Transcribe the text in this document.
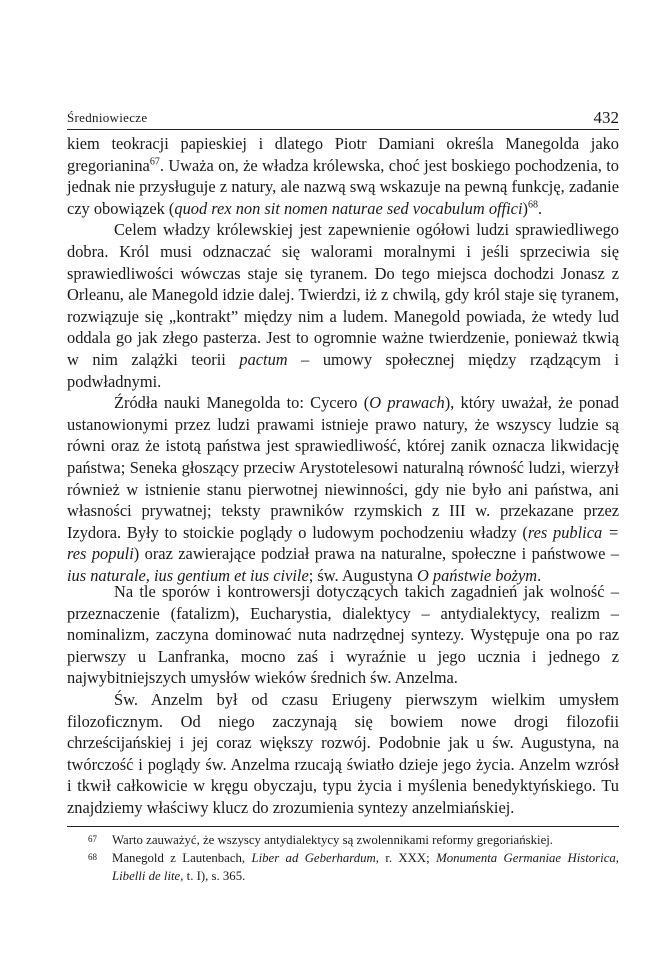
Średniowiecze	432

kiem teokracji papieskiej i dlatego Piotr Damiani określa Manegolda jako gregorianina$^{67}$. Uważa on, że władza królewska, choć jest boskiego pochodzenia, to jednak nie przysługuje z natury, ale nazwą swą wskazuje na pewną funkcję, zadanie czy obowiązek (quod rex non sit nomen naturae sed vocabulum offici)$^{68}$.

Celem władzy królewskiej jest zapewnienie ogółowi ludzi sprawiedliwego dobra. Król musi odznaczać się walorami moralnymi i jeśli sprzeciwia się sprawiedliwości wówczas staje się tyranem. Do tego miejsca dochodzi Jonasz z Orleanu, ale Manegold idzie dalej. Twierdzi, iż z chwilą, gdy król staje się tyranem, rozwiązuje się „kontrakt” między nim a ludem. Manegold powiada, że wtedy lud oddala go jak złego pasterza. Jest to ogromnie ważne twierdzenie, ponieważ tkwią w nim zalążki teorii pactum – umowy społecznej między rządzącym i podwładnymi.

Źródła nauki Manegolda to: Cycero (O prawach), który uważał, że ponad ustanowionymi przez ludzi prawami istnieje prawo natury, że wszyscy ludzie są równi oraz że istotą państwa jest sprawiedliwość, której zanik oznacza likwidację państwa; Seneka głoszący przeciw Arystotelesowi naturalną równość ludzi, wierzył również w istnienie stanu pierwotnej niewinności, gdy nie było ani państwa, ani własności prywatnej; teksty prawników rzymskich z III w. przekazane przez Izydora. Były to stoickie poglądy o ludowym pochodzeniu władzy (res publica = res populi) oraz zawierające podział prawa na naturalne, społeczne i państwowe – ius naturale, ius gentium et ius civile; św. Augustyna O państwie bożym.

Na tle sporów i kontrowersji dotyczących takich zagadnień jak wolność – przeznaczenie (fatalizm), Eucharystia, dialektycy – antydialektycy, realizm – nominalizm, zaczyna dominować nuta nadrzędnej syntezy. Występuje ona po raz pierwszy u Lanfranka, mocno zaś i wyraźnie u jego ucznia i jednego z najwybitniejszych umysłów wieków średnich św. Anzelma.

Św. Anzelm był od czasu Eriugeny pierwszym wielkim umysłem filozoficznym. Od niego zaczynają się bowiem nowe drogi filozofii chrześcijańskiej i jej coraz większy rozwój. Podobnie jak u św. Augustyna, na twórczość i poglądy św. Anzelma rzucają światło dzieje jego życia. Anzelm wzrósł i tkwił całkowicie w kręgu obyczaju, typu życia i myślenia benedyktyńskiego. Tu znajdziemy właściwy klucz do zrozumienia syntezy anzelmiańskiej.

67 Warto zauważyć, że wszyscy antydialektycy są zwolennikami reformy gregoriańskiej.

68 Manegold z Lautenbach, Liber ad Geberhardum, r. XXX; Monumenta Germaniae Historica, Libelli de lite, t. I), s. 365.
